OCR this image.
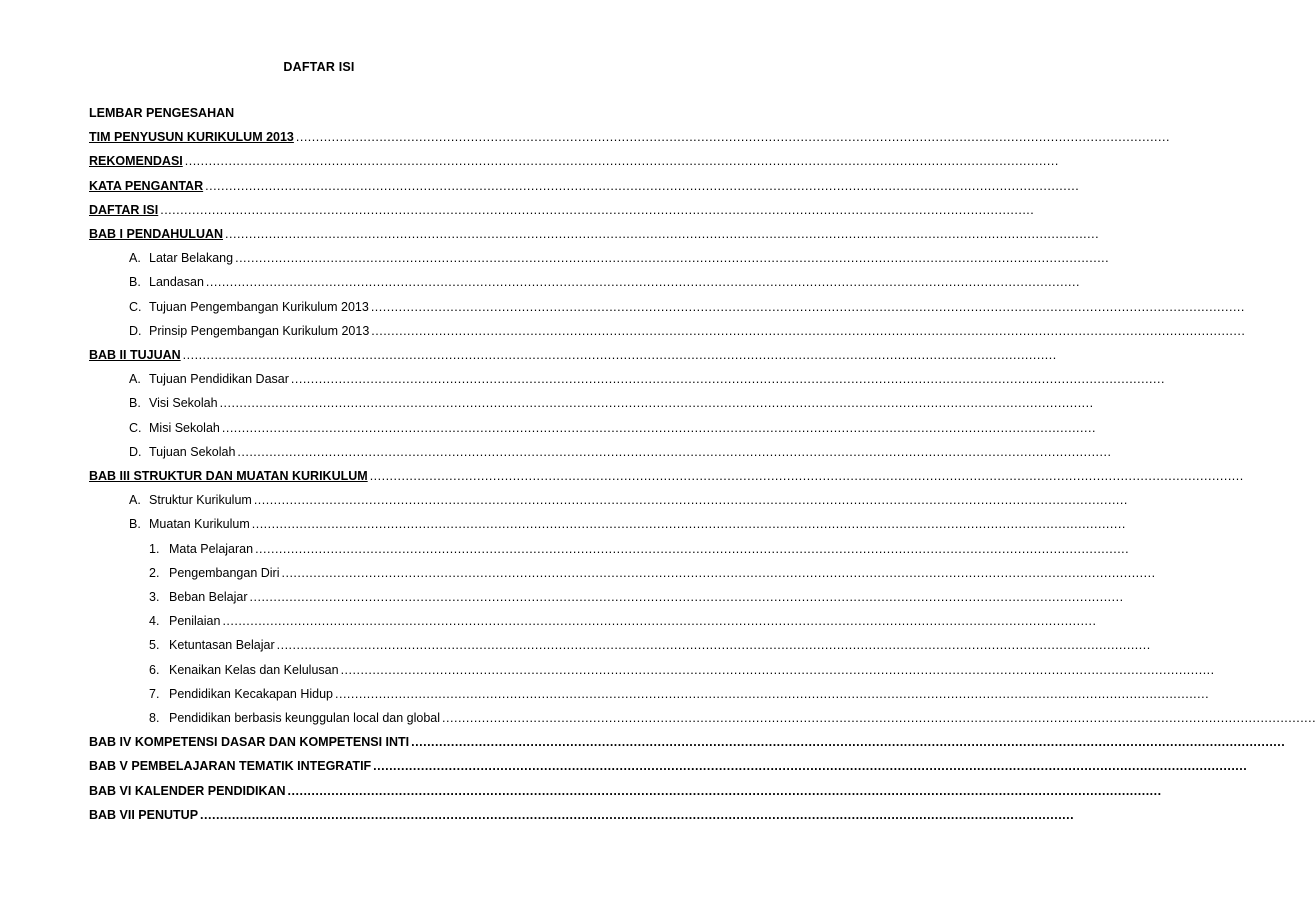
DAFTAR ISI
LEMBAR PENGESAHAN
TIM PENYUSUN KURIKULUM 2013 ............................................................................................................................................................................................................................
REKOMENDASI ............................................................................................................................................................................................................................
KATA PENGANTAR ............................................................................................................................................................................................................................
DAFTAR ISI ............................................................................................................................................................................................................................
BAB I PENDAHULUAN ............................................................................................................................................................................................................................
A. Latar Belakang ............................................................................................................................................................................................................................
B. Landasan ............................................................................................................................................................................................................................
C. Tujuan Pengembangan Kurikulum 2013 ............................................................................................................................................................................................................................
D. Prinsip Pengembangan Kurikulum 2013 ............................................................................................................................................................................................................................
BAB II TUJUAN ............................................................................................................................................................................................................................
A. Tujuan Pendidikan Dasar ............................................................................................................................................................................................................................
B. Visi Sekolah ............................................................................................................................................................................................................................
C. Misi Sekolah ............................................................................................................................................................................................................................
D. Tujuan Sekolah ............................................................................................................................................................................................................................
BAB III STRUKTUR DAN MUATAN KURIKULUM ............................................................................................................................................................................................................................
A. Struktur Kurikulum ............................................................................................................................................................................................................................
B. Muatan Kurikulum ............................................................................................................................................................................................................................
1. Mata Pelajaran ............................................................................................................................................................................................................................
2. Pengembangan Diri ............................................................................................................................................................................................................................
3. Beban Belajar ............................................................................................................................................................................................................................
4. Penilaian ............................................................................................................................................................................................................................
5. Ketuntasan Belajar ............................................................................................................................................................................................................................
6. Kenaikan Kelas dan Kelulusan ............................................................................................................................................................................................................................
7. Pendidikan Kecakapan Hidup ............................................................................................................................................................................................................................
8. Pendidikan berbasis keunggulan local dan global ............................................................................................................................................................................................................................
BAB IV KOMPETENSI DASAR DAN KOMPETENSI INTI ............................................................................................................................................................................................................................
BAB V PEMBELAJARAN TEMATIK INTEGRATIF ............................................................................................................................................................................................................................
BAB VI KALENDER PENDIDIKAN ............................................................................................................................................................................................................................
BAB VII PENUTUP ............................................................................................................................................................................................................................
